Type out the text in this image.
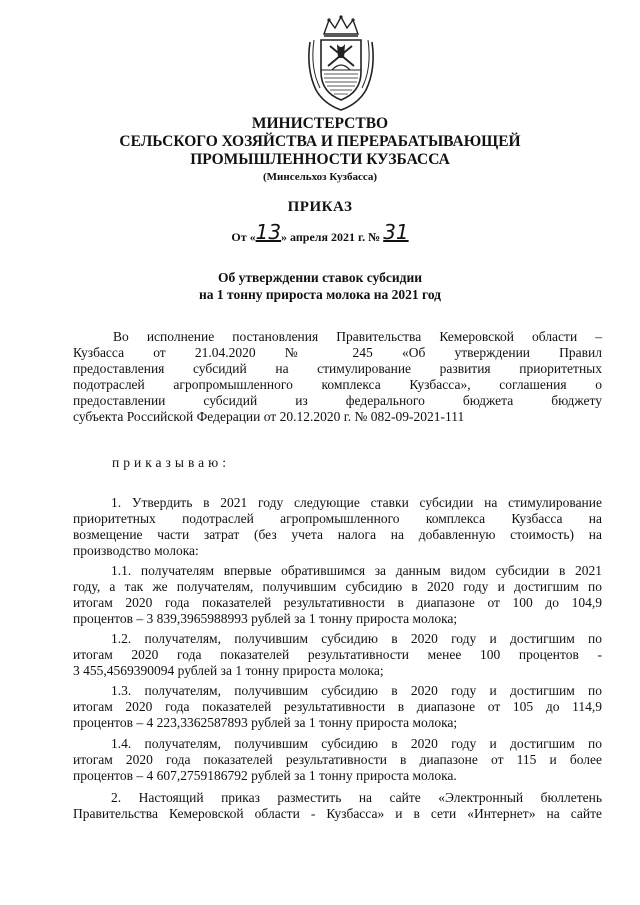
МИНИСТЕРСТВО
СЕЛЬСКОГО ХОЗЯЙСТВА И ПЕРЕРАБАТЫВАЮЩЕЙ
ПРОМЫШЛЕННОСТИ КУЗБАССА
(Минсельхоз Кузбасса)
ПРИКАЗ
От «13» апреля 2021 г. № 31
Об утверждении ставок субсидии
на 1 тонну прироста молока на 2021 год

Во исполнение постановления Правительства Кемеровской области –

Кузбасса от 21.04.2020 № 245 «Об утверждении Правил

предоставления субсидий на стимулирование развития приоритетных

подотраслей агропромышленного комплекса Кузбасса», соглашения о

предоставлении субсидий из федерального бюджета бюджету

субъекта Российской Федерации от 20.12.2020 г. № 082-09-2021-111

приказываю:

1. Утвердить в 2021 году следующие ставки субсидии на стимулирование

приоритетных подотраслей агропромышленного комплекса Кузбасса на

возмещение части затрат (без учета налога на добавленную стоимость) на

производство молока:

1.1. получателям впервые обратившимся за данным видом субсидии в 2021

году, а так же получателям, получившим субсидию в 2020 году и достигшим по

итогам 2020 года показателей результативности в диапазоне от 100 до 104,9

процентов – 3 839,3965988993 рублей за 1 тонну прироста молока;

1.2. получателям, получившим субсидию в 2020 году и достигшим по

итогам 2020 года показателей результативности менее 100 процентов -

3 455,4569390094 рублей за 1 тонну прироста молока;

1.3. получателям, получившим субсидию в 2020 году и достигшим по

итогам 2020 года показателей результативности в диапазоне от 105 до 114,9

процентов – 4 223,3362587893 рублей за 1 тонну прироста молока;

1.4. получателям, получившим субсидию в 2020 году и достигшим по

итогам 2020 года показателей результативности в диапазоне от 115 и более

процентов – 4 607,2759186792 рублей за 1 тонну прироста молока.

2. Настоящий приказ разместить на сайте «Электронный бюллетень

Правительства Кемеровской области - Кузбасса» и в сети «Интернет» на сайте
